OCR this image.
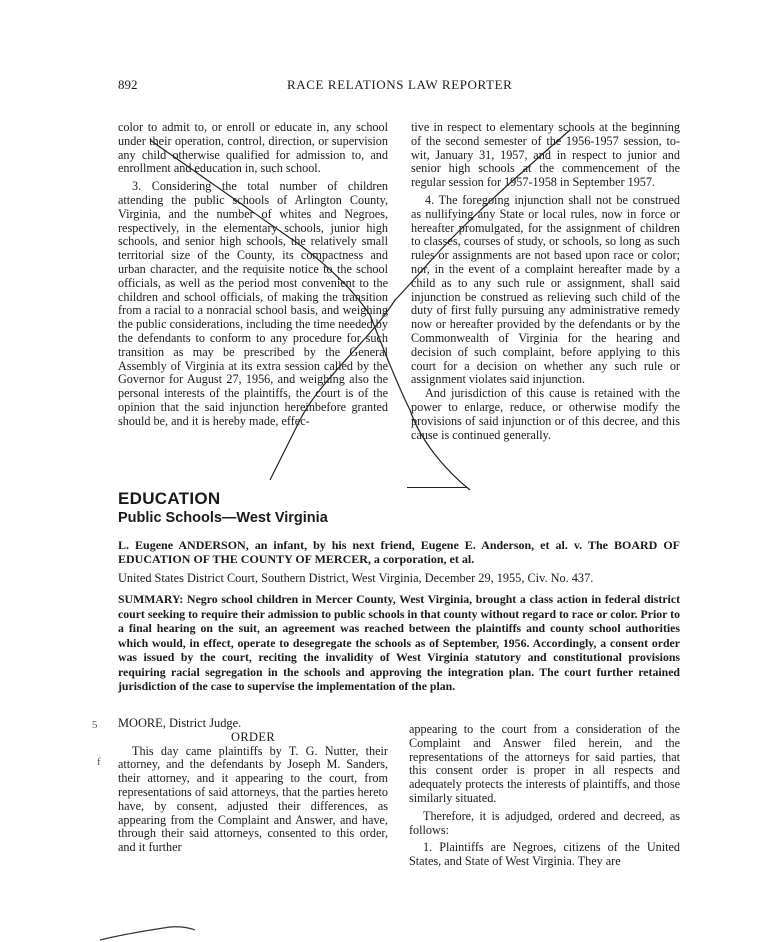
892	RACE RELATIONS LAW REPORTER

color to admit to, or enroll or educate in, any school under their operation, control, direction, or supervision any child otherwise qualified for admission to, and enrollment and education in, such school.

3. Considering the total number of children attending the public schools of Arlington County, Virginia, and the number of whites and Negroes, respectively, in the elementary schools, junior high schools, and senior high schools, the relatively small territorial size of the County, its compactness and urban character, and the requisite notice to the school officials, as well as the period most convenient to the children and school officials, of making the transition from a racial to a nonracial school basis, and weighing the public considerations, including the time needed by the defendants to conform to any procedure for such transition as may be prescribed by the General Assembly of Virginia at its extra session called by the Governor for August 27, 1956, and weighing also the personal interests of the plaintiffs, the court is of the opinion that the said injunction hereinbefore granted should be, and it is hereby made, effec-

tive in respect to elementary schools at the beginning of the second semester of the 1956-1957 session, to-wit, January 31, 1957, and in respect to junior and senior high schools at the commencement of the regular session for 1957-1958 in September 1957.

4. The foregoing injunction shall not be construed as nullifying any State or local rules, now in force or hereafter promulgated, for the assignment of children to classes, courses of study, or schools, so long as such rules or assignments are not based upon race or color; nor, in the event of a complaint hereafter made by a child as to any such rule or assignment, shall said injunction be construed as relieving such child of the duty of first fully pursuing any administrative remedy now or hereafter provided by the defendants or by the Commonwealth of Virginia for the hearing and decision of such complaint, before applying to this court for a decision on whether any such rule or assignment violates said injunction.

And jurisdiction of this cause is retained with the power to enlarge, reduce, or otherwise modify the provisions of said injunction or of this decree, and this cause is continued generally.

EDUCATION
Public Schools—West Virginia
L. Eugene ANDERSON, an infant, by his next friend, Eugene E. Anderson, et al. v. The BOARD OF EDUCATION OF THE COUNTY OF MERCER, a corporation, et al.
United States District Court, Southern District, West Virginia, December 29, 1955, Civ. No. 437.
SUMMARY: Negro school children in Mercer County, West Virginia, brought a class action in federal district court seeking to require their admission to public schools in that county without regard to race or color. Prior to a final hearing on the suit, an agreement was reached between the plaintiffs and county school authorities which would, in effect, operate to desegregate the schools as of September, 1956. Accordingly, a consent order was issued by the court, reciting the invalidity of West Virginia statutory and constitutional provisions requiring racial segregation in the schools and approving the integration plan. The court further retained jurisdiction of the case to supervise the implementation of the plan.
5
f

MOORE, District Judge.

ORDER

This day came plaintiffs by T. G. Nutter, their attorney, and the defendants by Joseph M. Sanders, their attorney, and it appearing to the court, from representations of said attorneys, that the parties hereto have, by consent, adjusted their differences, as appearing from the Complaint and Answer, and have, through their said attorneys, consented to this order, and it further

appearing to the court from a consideration of the Complaint and Answer filed herein, and the representations of the attorneys for said parties, that this consent order is proper in all respects and adequately protects the interests of plaintiffs, and those similarly situated.

Therefore, it is adjudged, ordered and decreed, as follows:

1. Plaintiffs are Negroes, citizens of the United States, and State of West Virginia. They are
